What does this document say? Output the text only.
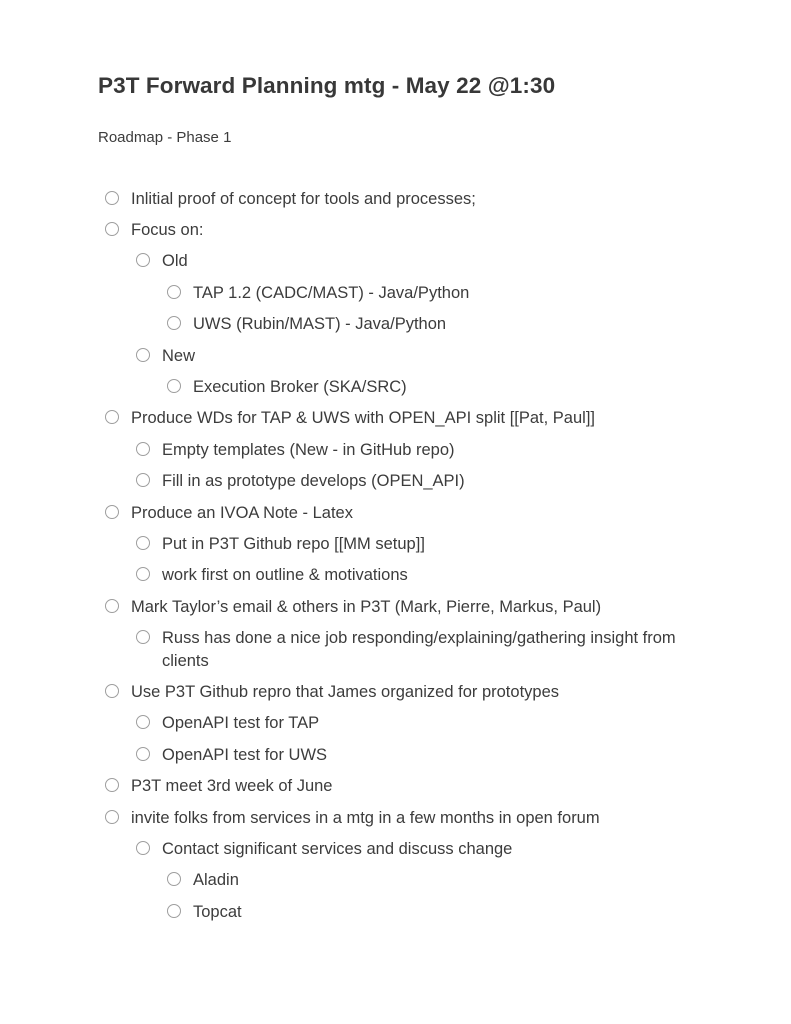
P3T Forward Planning mtg - May 22 @1:30

Roadmap - Phase 1

Inlitial proof of concept for tools and processes;
Focus on:
Old
TAP 1.2 (CADC/MAST) - Java/Python
UWS (Rubin/MAST) - Java/Python
New
Execution Broker (SKA/SRC)
Produce WDs for TAP & UWS with OPEN_API split [[Pat, Paul]]
Empty templates (New - in GitHub repo)
Fill in as prototype develops (OPEN_API)
Produce an IVOA Note - Latex
Put in P3T Github repo [[MM setup]]
work first on outline & motivations
Mark Taylor’s email & others in P3T (Mark, Pierre, Markus, Paul)
Russ has done a nice job responding/explaining/gathering insight from clients
Use P3T Github repro that James organized for prototypes
OpenAPI test for TAP
OpenAPI test for UWS
P3T meet 3rd week of June
invite folks from services in a mtg in a few months in open forum
Contact significant services and discuss change
Aladin
Topcat
